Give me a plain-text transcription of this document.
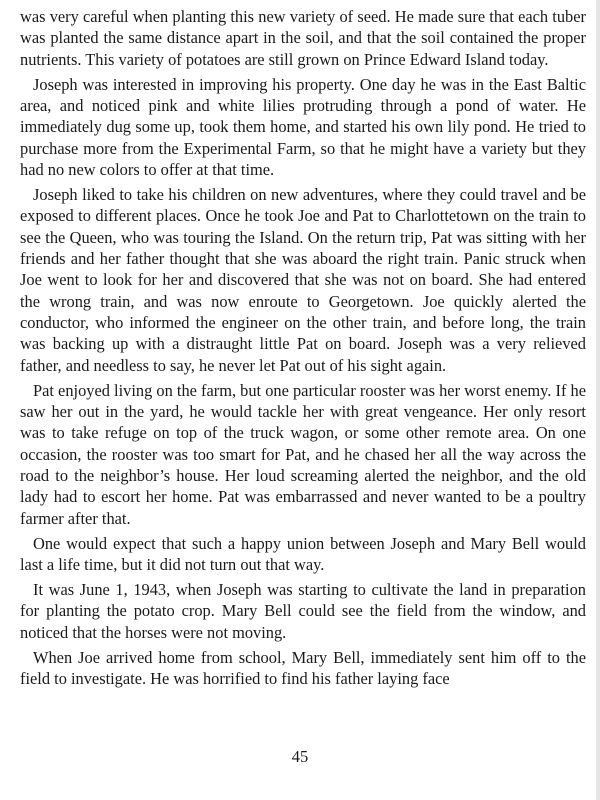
was very careful when planting this new variety of seed. He made sure that each tuber was planted the same distance apart in the soil, and that the soil contained the proper nutrients. This variety of potatoes are still grown on Prince Edward Island today.

Joseph was interested in improving his property. One day he was in the East Baltic area, and noticed pink and white lilies protruding through a pond of water. He immediately dug some up, took them home, and started his own lily pond. He tried to purchase more from the Experimental Farm, so that he might have a variety but they had no new colors to offer at that time.

Joseph liked to take his children on new adventures, where they could travel and be exposed to different places. Once he took Joe and Pat to Charlottetown on the train to see the Queen, who was touring the Island. On the return trip, Pat was sitting with her friends and her father thought that she was aboard the right train. Panic struck when Joe went to look for her and discovered that she was not on board. She had entered the wrong train, and was now enroute to Georgetown. Joe quickly alerted the conductor, who informed the engineer on the other train, and before long, the train was backing up with a distraught little Pat on board. Joseph was a very relieved father, and needless to say, he never let Pat out of his sight again.

Pat enjoyed living on the farm, but one particular rooster was her worst enemy. If he saw her out in the yard, he would tackle her with great vengeance. Her only resort was to take refuge on top of the truck wagon, or some other remote area. On one occasion, the rooster was too smart for Pat, and he chased her all the way across the road to the neighbor’s house. Her loud screaming alerted the neighbor, and the old lady had to escort her home. Pat was embarrassed and never wanted to be a poultry farmer after that.

One would expect that such a happy union between Joseph and Mary Bell would last a life time, but it did not turn out that way.

It was June 1, 1943, when Joseph was starting to cultivate the land in preparation for planting the potato crop. Mary Bell could see the field from the window, and noticed that the horses were not moving.

When Joe arrived home from school, Mary Bell, immediately sent him off to the field to investigate. He was horrified to find his father laying face

45
